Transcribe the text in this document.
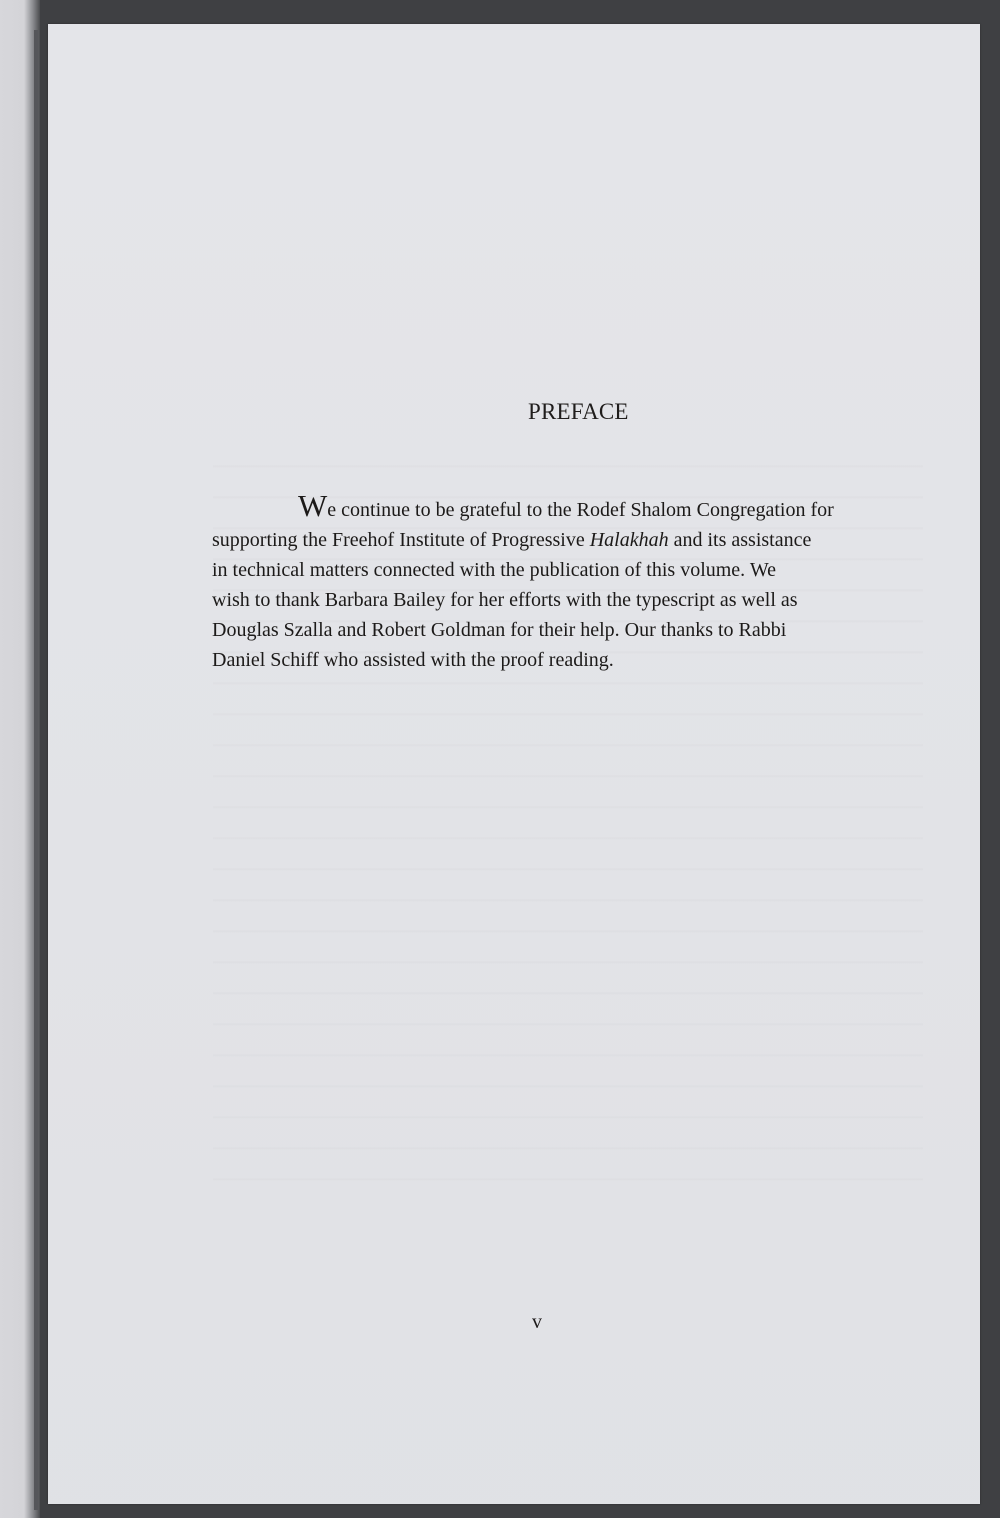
PREFACE
We continue to be grateful to the Rodef Shalom Congregation for
supporting the Freehof Institute of Progressive Halakhah and its assistance
in technical matters connected with the publication of this volume. We
wish to thank Barbara Bailey for her efforts with the typescript as well as
Douglas Szalla and Robert Goldman for their help. Our thanks to Rabbi
Daniel Schiff who assisted with the proof reading.
v
